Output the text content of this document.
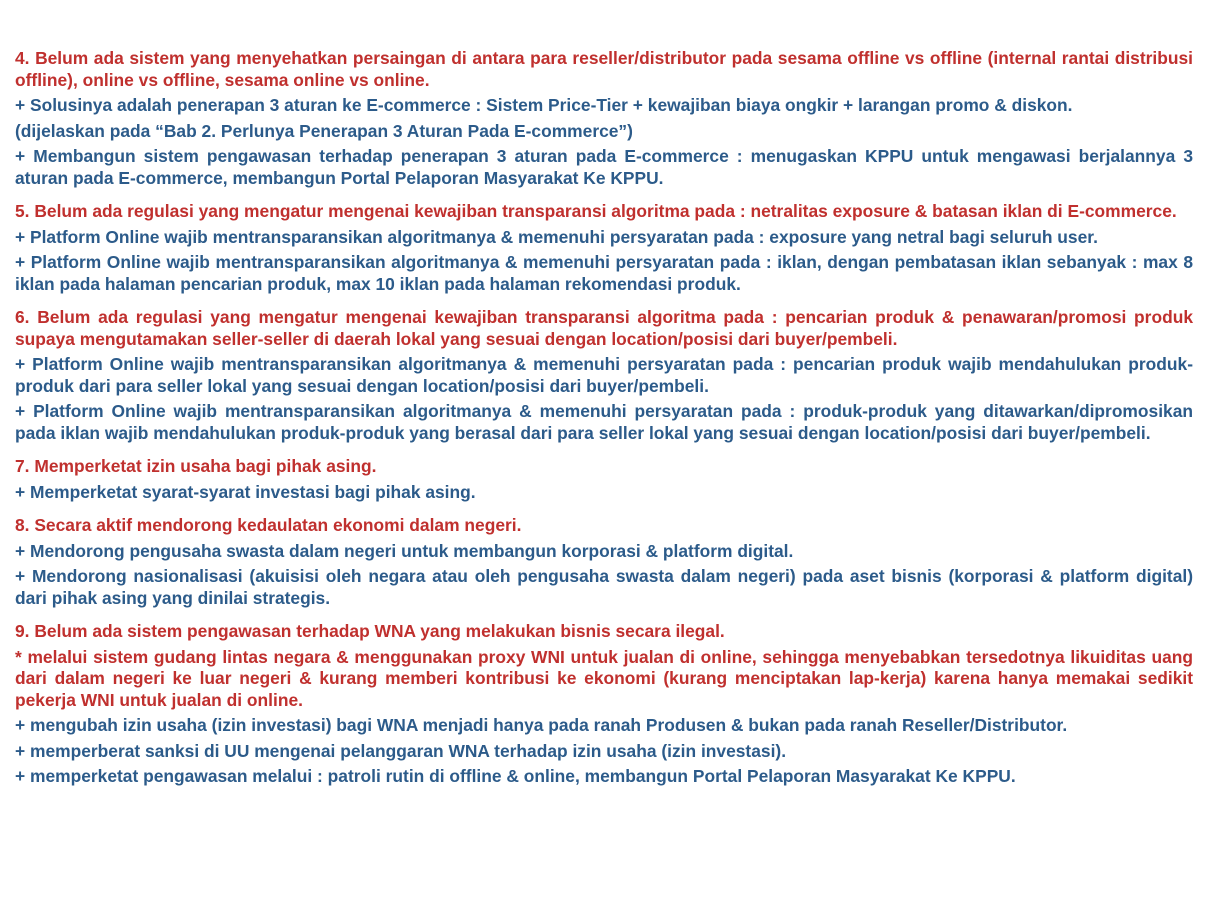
4. Belum ada sistem yang menyehatkan persaingan di antara para reseller/distributor pada sesama offline vs offline (internal rantai distribusi offline), online vs offline, sesama online vs online.

+ Solusinya adalah penerapan 3 aturan ke E-commerce : Sistem Price-Tier + kewajiban biaya ongkir + larangan promo & diskon.

(dijelaskan pada “Bab 2. Perlunya Penerapan 3 Aturan Pada E-commerce”)

+ Membangun sistem pengawasan terhadap penerapan 3 aturan pada E-commerce : menugaskan KPPU untuk mengawasi berjalannya 3 aturan pada E-commerce, membangun Portal Pelaporan Masyarakat Ke KPPU.

5. Belum ada regulasi yang mengatur mengenai kewajiban transparansi algoritma pada : netralitas exposure & batasan iklan di E-commerce.

+ Platform Online wajib mentransparansikan algoritmanya & memenuhi persyaratan pada : exposure yang netral bagi seluruh user.

+ Platform Online wajib mentransparansikan algoritmanya & memenuhi persyaratan pada : iklan, dengan pembatasan iklan sebanyak : max 8 iklan pada halaman pencarian produk, max 10 iklan pada halaman rekomendasi produk.

6. Belum ada regulasi yang mengatur mengenai kewajiban transparansi algoritma pada : pencarian produk & penawaran/promosi produk supaya mengutamakan seller-seller di daerah lokal yang sesuai dengan location/posisi dari buyer/pembeli.

+ Platform Online wajib mentransparansikan algoritmanya & memenuhi persyaratan pada : pencarian produk wajib mendahulukan produk-produk dari para seller lokal yang sesuai dengan location/posisi dari buyer/pembeli.

+ Platform Online wajib mentransparansikan algoritmanya & memenuhi persyaratan pada : produk-produk yang ditawarkan/dipromosikan pada iklan wajib mendahulukan produk-produk yang berasal dari para seller lokal yang sesuai dengan location/posisi dari buyer/pembeli.

7. Memperketat izin usaha bagi pihak asing.

+ Memperketat syarat-syarat investasi bagi pihak asing.

8. Secara aktif mendorong kedaulatan ekonomi dalam negeri.

+ Mendorong pengusaha swasta dalam negeri untuk membangun korporasi & platform digital.

+ Mendorong nasionalisasi (akuisisi oleh negara atau oleh pengusaha swasta dalam negeri) pada aset bisnis (korporasi & platform digital) dari pihak asing yang dinilai strategis.

9. Belum ada sistem pengawasan terhadap WNA yang melakukan bisnis secara ilegal.

* melalui sistem gudang lintas negara & menggunakan proxy WNI untuk jualan di online, sehingga menyebabkan tersedotnya likuiditas uang dari dalam negeri ke luar negeri & kurang memberi kontribusi ke ekonomi (kurang menciptakan lap-kerja) karena hanya memakai sedikit pekerja WNI untuk jualan di online.

+ mengubah izin usaha (izin investasi) bagi WNA menjadi hanya pada ranah Produsen & bukan pada ranah Reseller/Distributor.

+ memperberat sanksi di UU mengenai pelanggaran WNA terhadap izin usaha (izin investasi).

+ memperketat pengawasan melalui : patroli rutin di offline & online, membangun Portal Pelaporan Masyarakat Ke KPPU.
